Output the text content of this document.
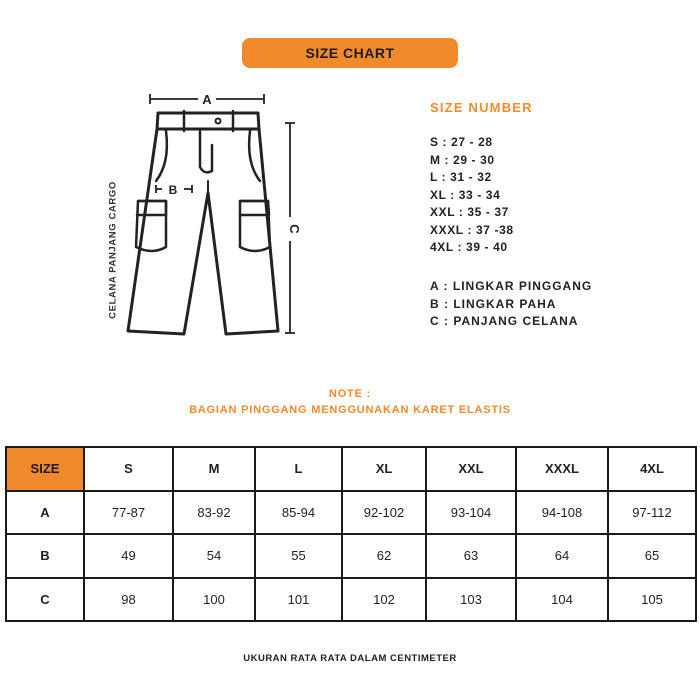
SIZE CHART
CELANA PANJANG CARGO
A
B
C
SIZE NUMBER
S : 27 - 28
M : 29 - 30
L : 31 - 32
XL : 33 - 34
XXL : 35 - 37
XXXL : 37 -38
4XL : 39 - 40
A : LINGKAR PINGGANG
B : LINGKAR PAHA
C : PANJANG CELANA
NOTE :
BAGIAN PINGGANG MENGGUNAKAN KARET ELASTIS
SIZE	S	M	L	XL	XXL	XXXL	4XL
A	77-87	83-92	85-94	92-102	93-104	94-108	97-112
B	49	54	55	62	63	64	65
C	98	100	101	102	103	104	105
UKURAN RATA RATA DALAM CENTIMETER
